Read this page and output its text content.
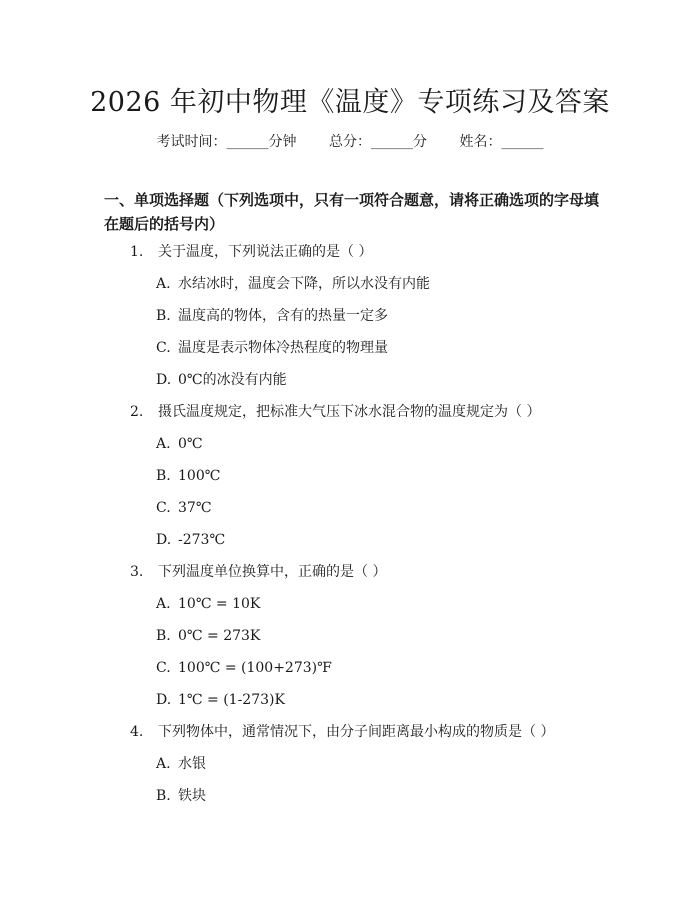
2026 年初中物理《温度》专项练习及答案
考试时间：______分钟 总分：______分 姓名：______
一、单项选择题（下列选项中，只有一项符合题意，请将正确选项的字母填在题后的括号内）
1. 关于温度，下列说法正确的是（ ）
A. 水结冰时，温度会下降，所以水没有内能
B. 温度高的物体，含有的热量一定多
C. 温度是表示物体冷热程度的物理量
D. 0℃的冰没有内能
2. 摄氏温度规定，把标准大气压下冰水混合物的温度规定为（ ）
A. 0℃
B. 100℃
C. 37℃
D. -273℃
3. 下列温度单位换算中，正确的是（ ）
A. 10℃ = 10K
B. 0℃ = 273K
C. 100℃ = (100+273)℉
D. 1℃ = (1-273)K
4. 下列物体中，通常情况下，由分子间距离最小构成的物质是（ ）
A. 水银
B. 铁块
